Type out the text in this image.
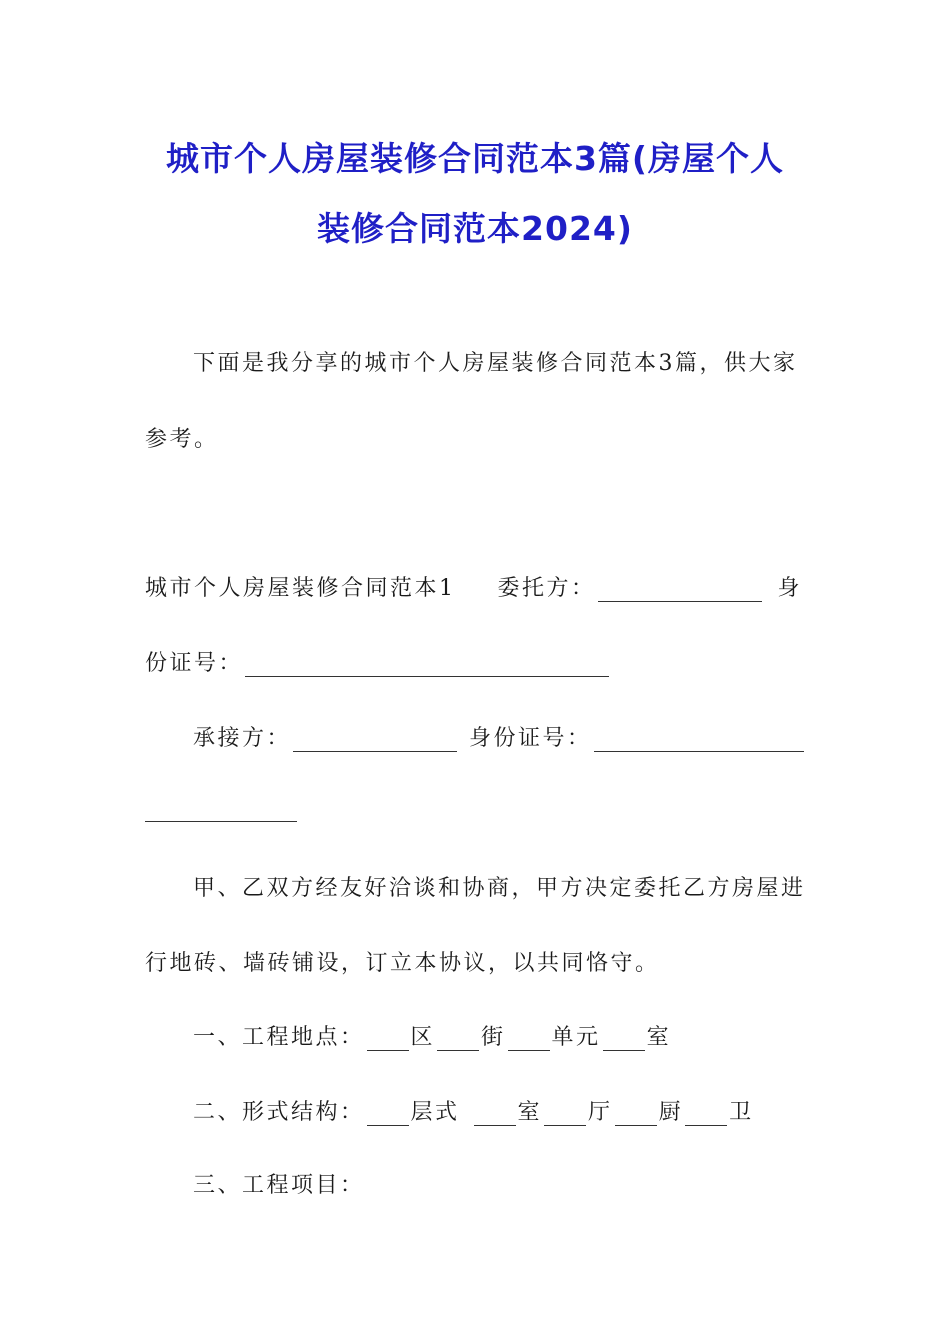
城市个人房屋装修合同范本3篇(房屋个人
装修合同范本2024)
下面是我分享的城市个人房屋装修合同范本3篇，供大家
参考。
城市个人房屋装修合同范本1 委托方：	身
份证号：
承接方：	身份证号：
甲、乙双方经友好洽谈和协商，甲方决定委托乙方房屋进
行地砖、墙砖铺设，订立本协议，以共同恪守。
一、工程地点： 区 街 单元 室
二、形式结构： 层式	室 厅 厨 卫
三、工程项目：
